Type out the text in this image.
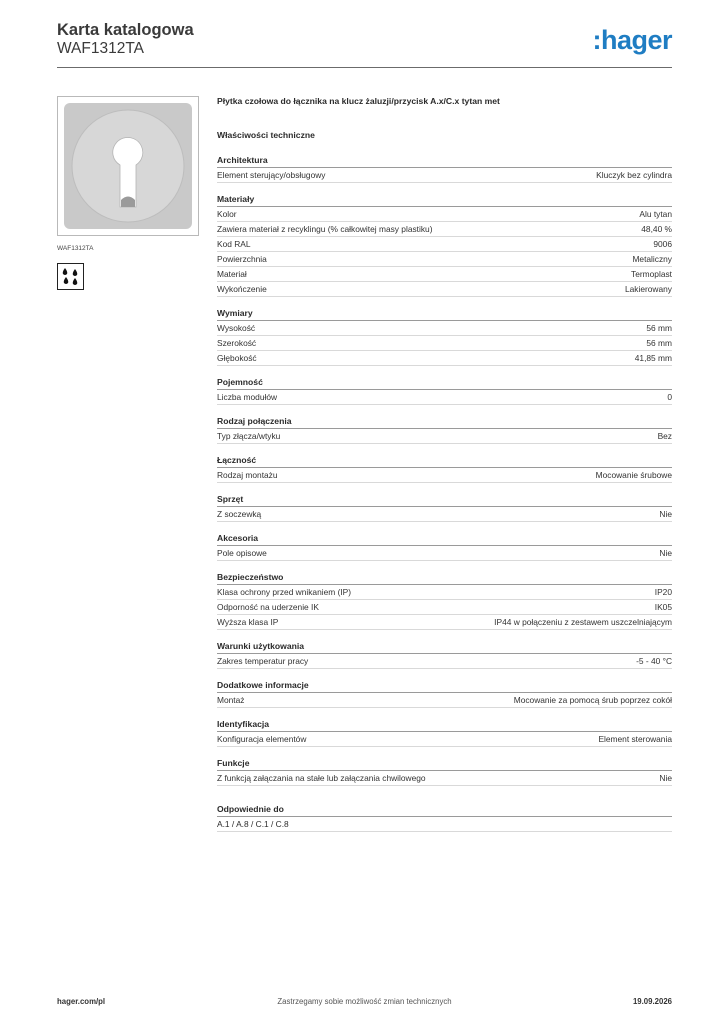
Karta katalogowa
WAF1312TA	:hager
WAF1312TA
Płytka czołowa do łącznika na klucz żaluzji/przycisk A.x/C.x tytan met
Właściwości techniczne
Architektura
Element sterujący/obsługowy	Kluczyk bez cylindra
Materiały
Kolor	Alu tytan
Zawiera materiał z recyklingu (% całkowitej masy plastiku)	48,40 %
Kod RAL	9006
Powierzchnia	Metaliczny
Materiał	Termoplast
Wykończenie	Lakierowany
Wymiary
Wysokość	56 mm
Szerokość	56 mm
Głębokość	41,85 mm
Pojemność
Liczba modułów	0
Rodzaj połączenia
Typ złącza/wtyku	Bez
Łączność
Rodzaj montażu	Mocowanie śrubowe
Sprzęt
Z soczewką	Nie
Akcesoria
Pole opisowe	Nie
Bezpieczeństwo
Klasa ochrony przed wnikaniem (IP)	IP20
Odporność na uderzenie IK	IK05
Wyższa klasa IP	IP44 w połączeniu z zestawem uszczelniającym
Warunki użytkowania
Zakres temperatur pracy	-5 - 40 °C
Dodatkowe informacje
Montaż	Mocowanie za pomocą śrub poprzez cokół
Identyfikacja
Konfiguracja elementów	Element sterowania
Funkcje
Z funkcją załączania na stałe lub załączania chwilowego	Nie
Odpowiednie do
A.1 / A.8 / C.1 / C.8
hager.com/pl	Zastrzegamy sobie możliwość zmian technicznych	19.09.2026
